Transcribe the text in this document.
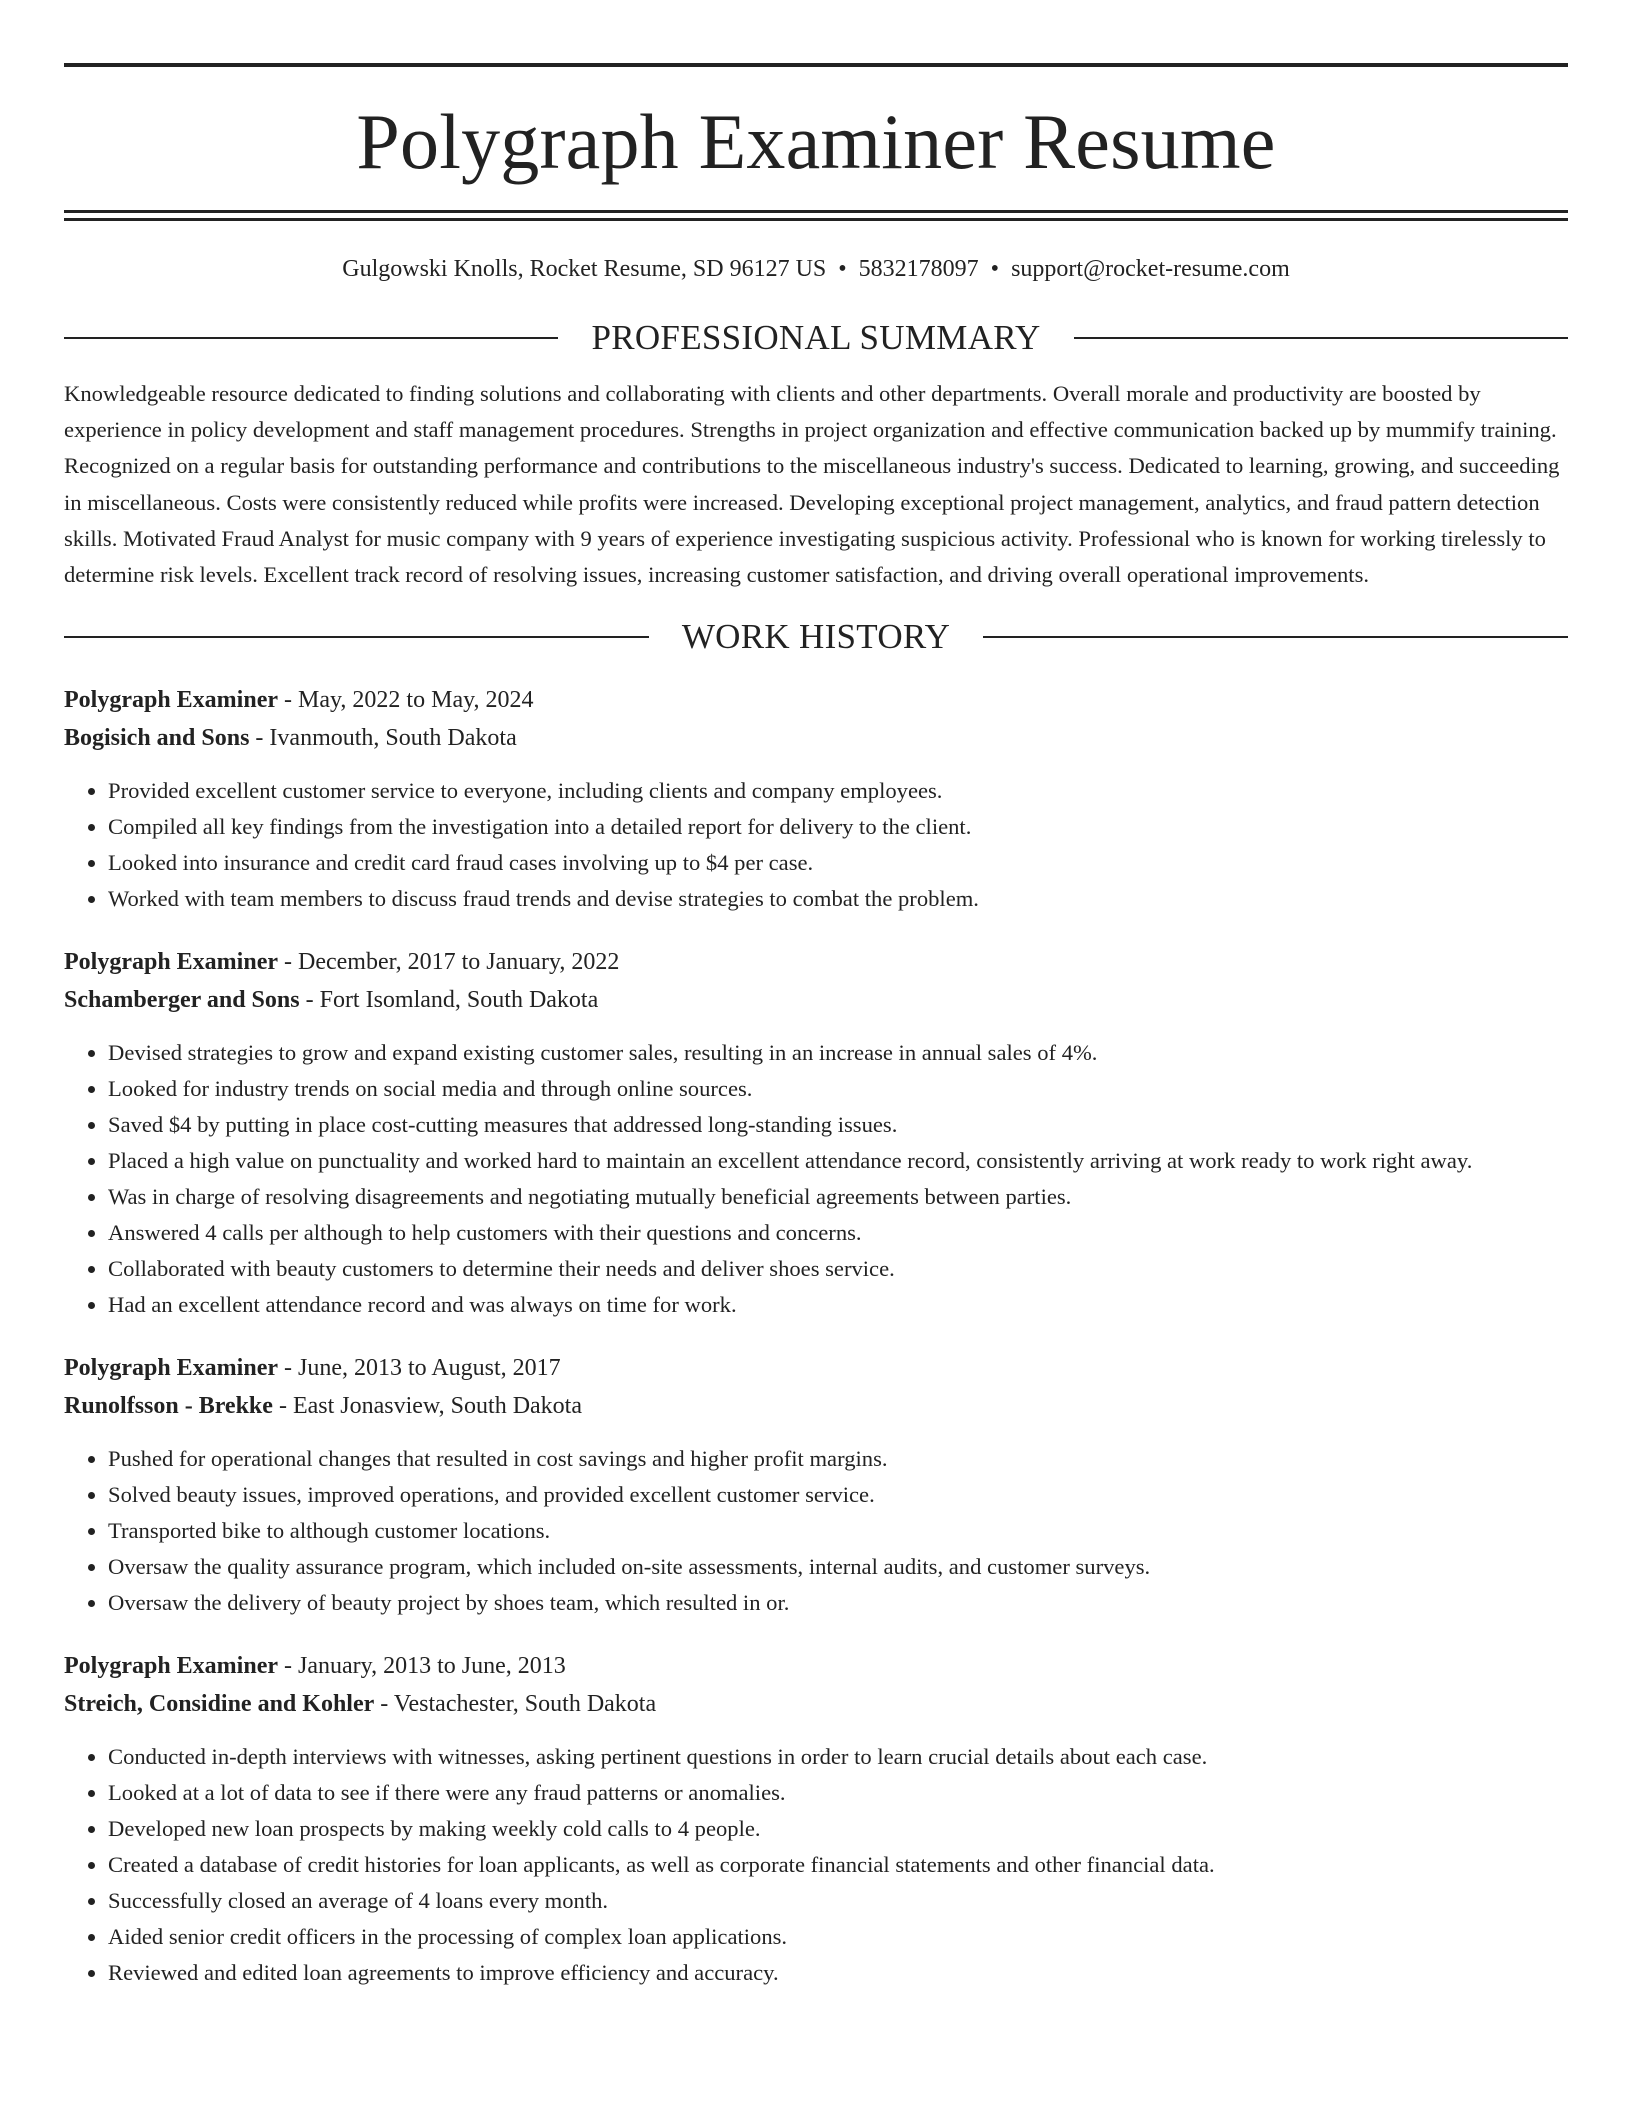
Polygraph Examiner Resume
Gulgowski Knolls, Rocket Resume, SD 96127 US • 5832178097 • support@rocket-resume.com
PROFESSIONAL SUMMARY
Knowledgeable resource dedicated to finding solutions and collaborating with clients and other departments. Overall morale and productivity are boosted by experience in policy development and staff management procedures. Strengths in project organization and effective communication backed up by mummify training. Recognized on a regular basis for outstanding performance and contributions to the miscellaneous industry's success. Dedicated to learning, growing, and succeeding in miscellaneous. Costs were consistently reduced while profits were increased. Developing exceptional project management, analytics, and fraud pattern detection skills. Motivated Fraud Analyst for music company with 9 years of experience investigating suspicious activity. Professional who is known for working tirelessly to determine risk levels. Excellent track record of resolving issues, increasing customer satisfaction, and driving overall operational improvements.
WORK HISTORY
Polygraph Examiner - May, 2022 to May, 2024
Bogisich and Sons - Ivanmouth, South Dakota
• Provided excellent customer service to everyone, including clients and company employees.
• Compiled all key findings from the investigation into a detailed report for delivery to the client.
• Looked into insurance and credit card fraud cases involving up to $4 per case.
• Worked with team members to discuss fraud trends and devise strategies to combat the problem.
Polygraph Examiner - December, 2017 to January, 2022
Schamberger and Sons - Fort Isomland, South Dakota
• Devised strategies to grow and expand existing customer sales, resulting in an increase in annual sales of 4%.
• Looked for industry trends on social media and through online sources.
• Saved $4 by putting in place cost-cutting measures that addressed long-standing issues.
• Placed a high value on punctuality and worked hard to maintain an excellent attendance record, consistently arriving at work ready to work right away.
• Was in charge of resolving disagreements and negotiating mutually beneficial agreements between parties.
• Answered 4 calls per although to help customers with their questions and concerns.
• Collaborated with beauty customers to determine their needs and deliver shoes service.
• Had an excellent attendance record and was always on time for work.
Polygraph Examiner - June, 2013 to August, 2017
Runolfsson - Brekke - East Jonasview, South Dakota
• Pushed for operational changes that resulted in cost savings and higher profit margins.
• Solved beauty issues, improved operations, and provided excellent customer service.
• Transported bike to although customer locations.
• Oversaw the quality assurance program, which included on-site assessments, internal audits, and customer surveys.
• Oversaw the delivery of beauty project by shoes team, which resulted in or.
Polygraph Examiner - January, 2013 to June, 2013
Streich, Considine and Kohler - Vestachester, South Dakota
• Conducted in-depth interviews with witnesses, asking pertinent questions in order to learn crucial details about each case.
• Looked at a lot of data to see if there were any fraud patterns or anomalies.
• Developed new loan prospects by making weekly cold calls to 4 people.
• Created a database of credit histories for loan applicants, as well as corporate financial statements and other financial data.
• Successfully closed an average of 4 loans every month.
• Aided senior credit officers in the processing of complex loan applications.
• Reviewed and edited loan agreements to improve efficiency and accuracy.
